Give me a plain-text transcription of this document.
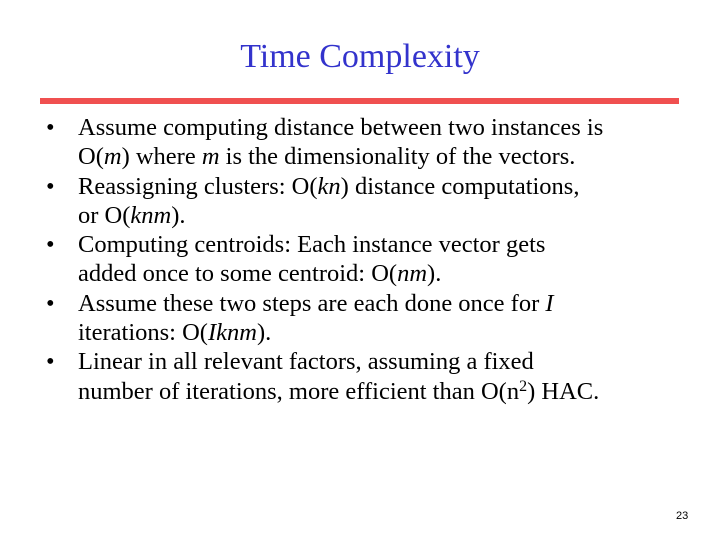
Time Complexity
• Assume computing distance between two instances is
O(m) where m is the dimensionality of the vectors.
• Reassigning clusters: O(kn) distance computations,
or O(knm).
• Computing centroids: Each instance vector gets
added once to some centroid: O(nm).
• Assume these two steps are each done once for I
iterations: O(Iknm).
• Linear in all relevant factors, assuming a fixed
number of iterations, more efficient than $O(n^2)$ HAC.
23
